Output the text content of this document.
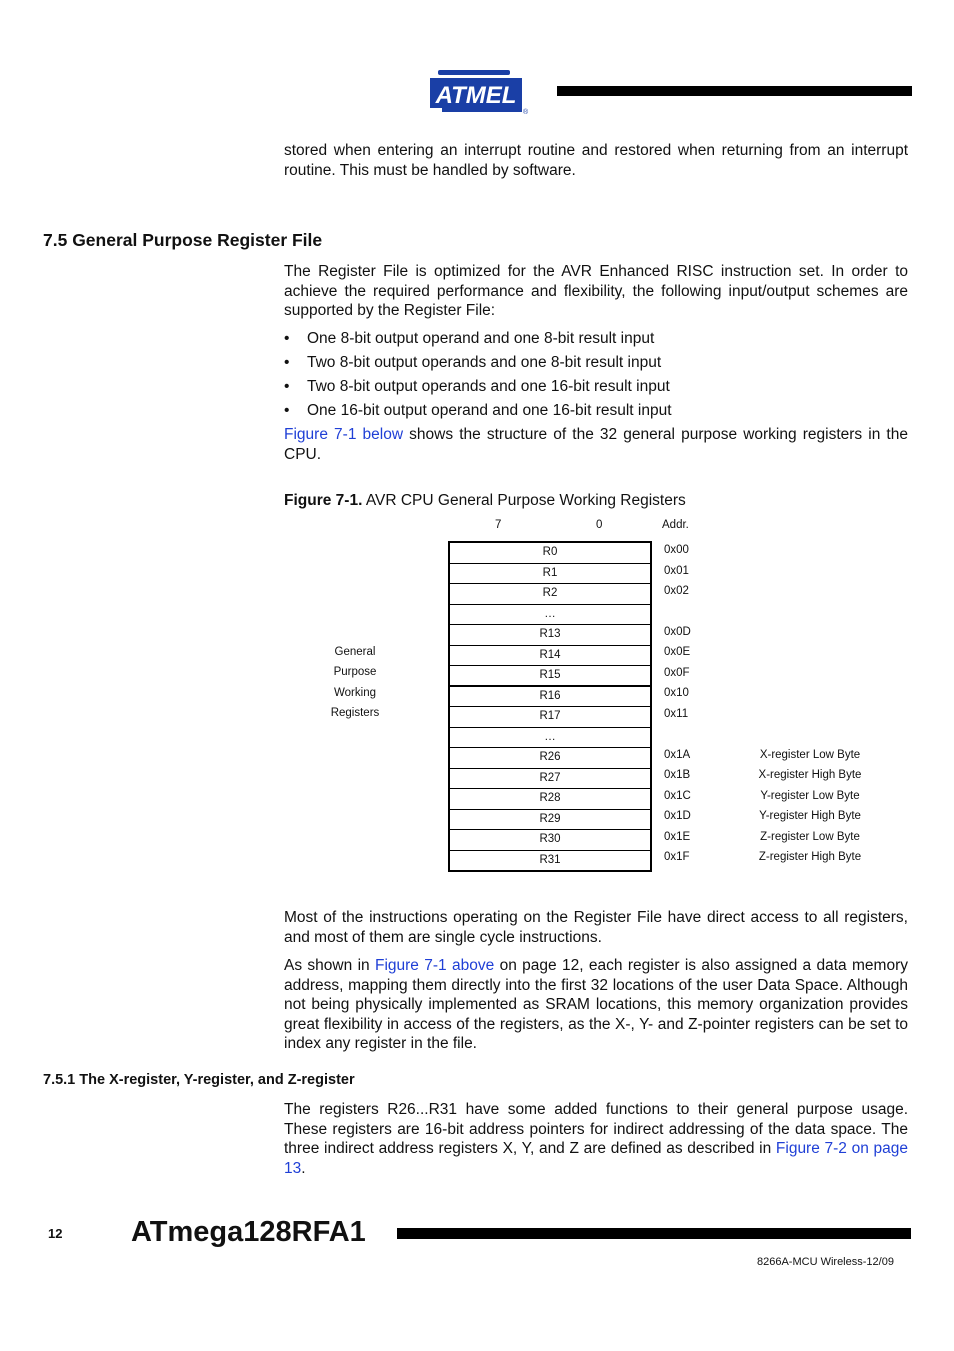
ATMEL
®
stored when entering an interrupt routine and restored when returning from an interrupt routine. This must be handled by software.
7.5 General Purpose Register File
The Register File is optimized for the AVR Enhanced RISC instruction set. In order to achieve the required performance and flexibility, the following input/output schemes are supported by the Register File:
• One 8-bit output operand and one 8-bit result input
• Two 8-bit output operands and one 8-bit result input
• Two 8-bit output operands and one 16-bit result input
• One 16-bit output operand and one 16-bit result input
Figure 7-1 below shows the structure of the 32 general purpose working registers in the CPU.
Figure 7-1. AVR CPU General Purpose Working Registers
7	0	Addr.
General
Purpose
Working
Registers
R0
R1
R2
…
R13
R14
R15
R16
R17
…
R26
R27
R28
R29
R30
R31
0x00
0x01
0x02
0x0D
0x0E
0x0F
0x10
0x11
0x1A
0x1B
0x1C
0x1D
0x1E
0x1F
X-register Low Byte
X-register High Byte
Y-register Low Byte
Y-register High Byte
Z-register Low Byte
Z-register High Byte
Most of the instructions operating on the Register File have direct access to all registers, and most of them are single cycle instructions.
As shown in Figure 7-1 above on page 12, each register is also assigned a data memory address, mapping them directly into the first 32 locations of the user Data Space. Although not being physically implemented as SRAM locations, this memory organization provides great flexibility in access of the registers, as the X-, Y- and Z-pointer registers can be set to index any register in the file.
7.5.1 The X-register, Y-register, and Z-register
The registers R26...R31 have some added functions to their general purpose usage. These registers are 16-bit address pointers for indirect addressing of the data space. The three indirect address registers X, Y, and Z are defined as described in Figure 7-2 on page 13.
12 ATmega128RFA1
8266A-MCU Wireless-12/09
